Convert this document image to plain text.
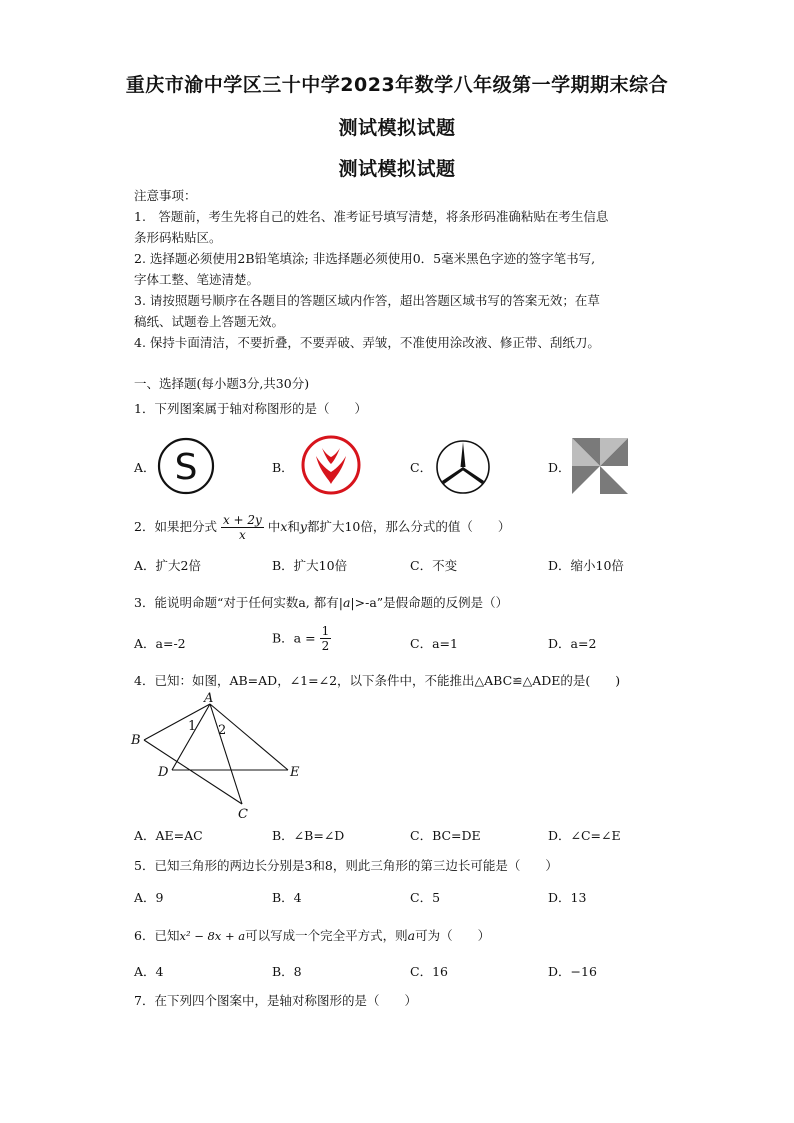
重庆市渝中学区三十中学2023年数学八年级第一学期期末综合
测试模拟试题
测试模拟试题
注意事项：
1.　答题前，考生先将自己的姓名、准考证号填写清楚，将条形码准确粘贴在考生信息
条形码粘贴区。
2. 选择题必须使用2B铅笔填涂; 非选择题必须使用0．5毫米黑色字迹的签字笔书写,
字体工整、笔迹清楚。
3. 请按照题号顺序在各题目的答题区域内作答，超出答题区域书写的答案无效；在草
稿纸、试题卷上答题无效。
4. 保持卡面清洁，不要折叠，不要弄破、弄皱，不准使用涂改液、修正带、刮纸刀。
一、选择题(每小题3分,共30分)
1．下列图案属于轴对称图形的是（　　）
A．	B．	C．	D．
S
2．如果把分式 $\frac{x + 2y}{x}$ 中x和y都扩大10倍，那么分式的值（　　）
A．扩大2倍	B．扩大10倍	C．不变	D．缩小10倍
3．能说明命题“对于任何实数a, 都有|a|>-a”是假命题的反例是（）
A．a=-2	B．$a = \frac{1}{2}$	C．a=1	D．a=2
4．已知：如图，AB=AD，∠1=∠2，以下条件中，不能推出△ABC≌△ADE的是(　　)
A
B
C
D	E
1 2
A．AE=AC	B．∠B=∠D	C．BC=DE	D．∠C=∠E
5．已知三角形的两边长分别是3和8，则此三角形的第三边长可能是（　　）
A．9	B．4	C．5	D．13
6．已知x² − 8x + a可以写成一个完全平方式，则a可为（　　）
A．4	B．8	C．16	D．−16
7．在下列四个图案中，是轴对称图形的是（　　）
